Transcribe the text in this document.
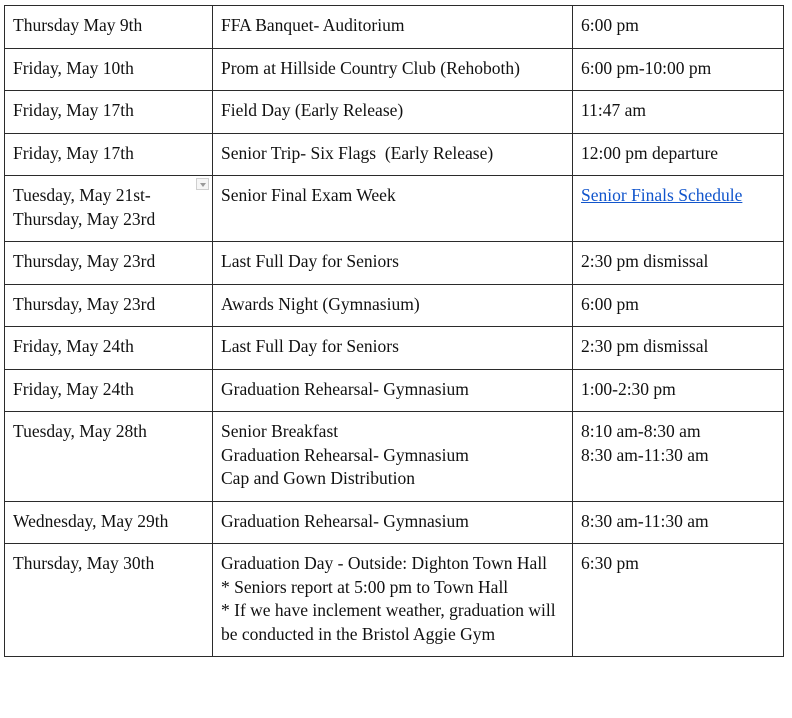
Thursday May 9th	FFA Banquet- Auditorium	6:00 pm

Friday, May 10th	Prom at Hillside Country Club (Rehoboth)	6:00 pm-10:00 pm

Friday, May 17th	Field Day (Early Release)	11:47 am

Friday, May 17th	Senior Trip- Six Flags  (Early Release)	12:00 pm departure

Tuesday, May 21st- Thursday, May 23rd	Senior Final Exam Week	Senior Finals Schedule
Thursday, May 23rd	Last Full Day for Seniors	2:30 pm dismissal

Thursday, May 23rd	Awards Night (Gymnasium)	6:00 pm

Friday, May 24th	Last Full Day for Seniors	2:30 pm dismissal

Friday, May 24th	Graduation Rehearsal- Gymnasium	1:00-2:30 pm

Tuesday, May 28th	Senior Breakfast
Graduation Rehearsal- Gymnasium
Cap and Gown Distribution	8:10 am-8:30 am
8:30 am-11:30 am

Wednesday, May 29th	Graduation Rehearsal- Gymnasium	8:30 am-11:30 am

Thursday, May 30th	Graduation Day - Outside: Dighton Town Hall
* Seniors report at 5:00 pm to Town Hall
* If we have inclement weather, graduation will be conducted in the Bristol Aggie Gym	6:30 pm
